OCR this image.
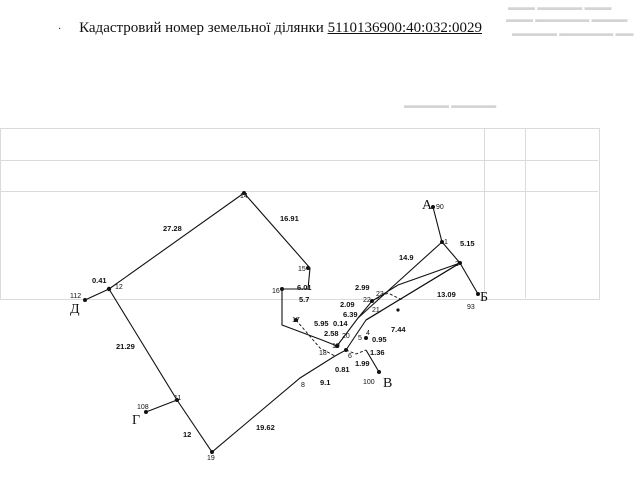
▬▬▬ ▬▬▬▬▬ ▬▬▬
▬▬▬ ▬▬▬▬▬▬ ▬▬▬▬
▬▬▬▬▬ ▬▬▬▬▬▬ ▬▬
▬▬▬▬▬ ▬▬▬▬▬
· Кадастровий номер земельної ділянки 5110136900:40:032:0029
14
15
16
17
18
19
20
21
22
23
1
2
4
5
6
8
11
12
19
90
93
100
108
112
27.28
16.91
0.41
21.29
6.01
5.7
14.9
5.15
2.99
2.09
6.39
5.95 0.14
2.58
13.09
7.44
0.95
1.36
1.99
0.81
9.1
12
19.62
А
Б
В
Г
Д
